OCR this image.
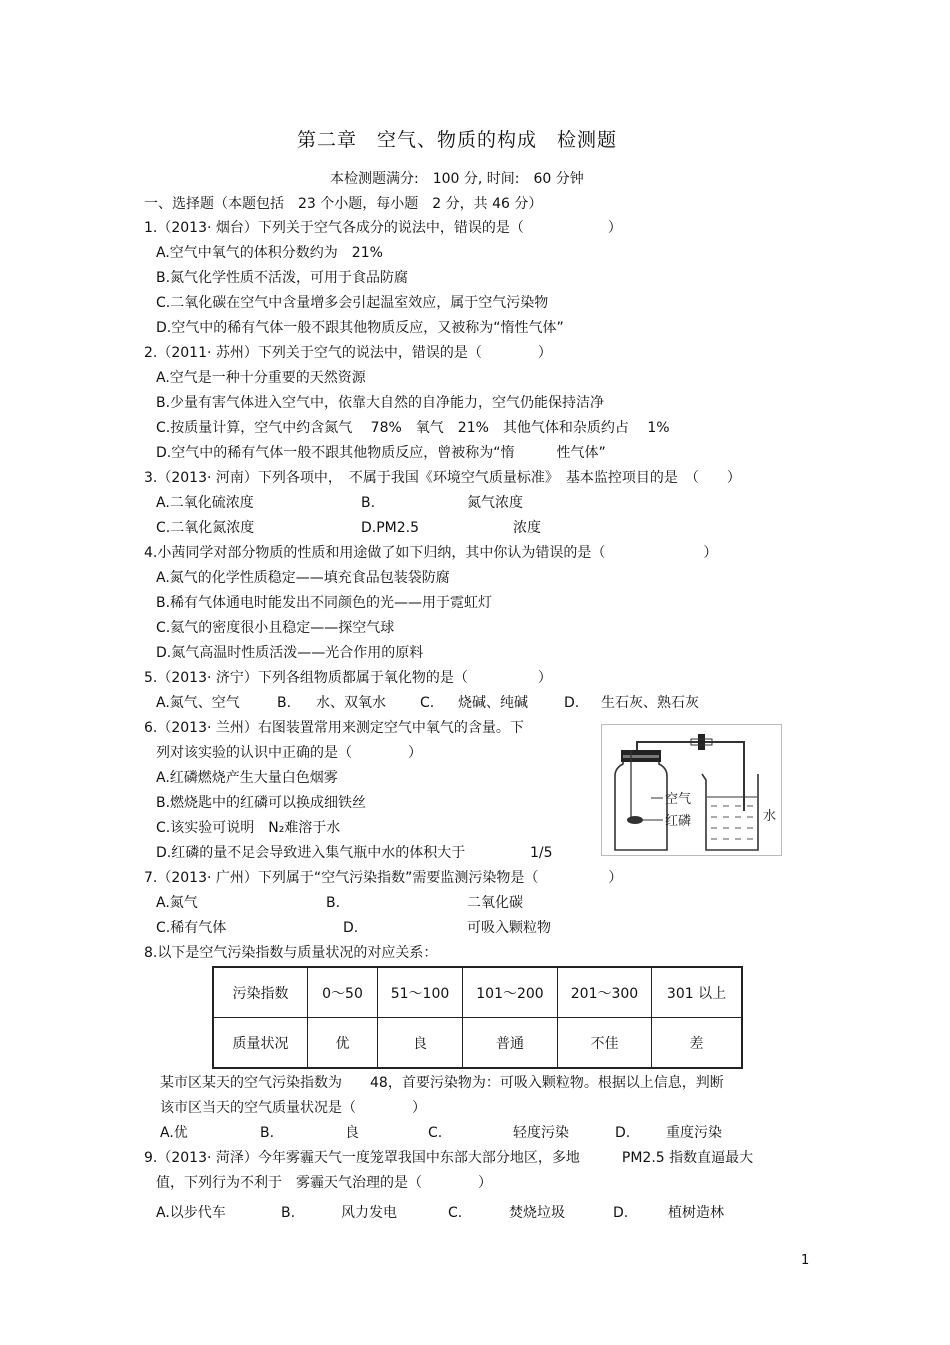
第二章　空气、物质的构成　检测题
本检测题满分:　100 分, 时间:　60 分钟
一、选择题（本题包括　23 个小题，每小题　2 分，共 46 分）
1.（2013· 烟台）下列关于空气各成分的说法中，错误的是（　　　　　　）
A.空气中氧气的体积分数约为　21%
B.氮气化学性质不活泼，可用于食品防腐
C.二氧化碳在空气中含量增多会引起温室效应，属于空气污染物
D.空气中的稀有气体一般不跟其他物质反应，又被称为“惰性气体”
2.（2011· 苏州）下列关于空气的说法中，错误的是（　　　　）
A.空气是一种十分重要的天然资源
B.少量有害气体进入空气中，依靠大自然的自净能力，空气仍能保持洁净
C.按质量计算，空气中约含氮气　 78%　氧气　21%　其他气体和杂质约占　 1%
D.空气中的稀有气体一般不跟其他物质反应，曾被称为“惰　　　性气体”
3.（2013· 河南）下列各项中，　不属于我国《环境空气质量标准》　基本监控项目的是　（　　）
A.二氧化硫浓度	B.	氮气浓度
C.二氧化氮浓度	D.PM2.5	浓度
4.小茜同学对部分物质的性质和用途做了如下归纳，其中你认为错误的是（　　　　　　　）
A.氮气的化学性质稳定——填充食品包装袋防腐
B.稀有气体通电时能发出不同颜色的光——用于霓虹灯
C.氦气的密度很小且稳定——探空气球
D.氮气高温时性质活泼——光合作用的原料
5.（2013· 济宁）下列各组物质都属于氧化物的是（　　　　　）
A.氮气、空气	B. 水、双氧水 C. 烧碱、纯碱	D. 生石灰、熟石灰
6.（2013· 兰州）右图装置常用来测定空气中氧气的含量。下
列对该实验的认识中正确的是（　　　　）
A.红磷燃烧产生大量白色烟雾
B.燃烧匙中的红磷可以换成细铁丝
C.该实验可说明　N₂难溶于水
D.红磷的量不足会导致进入集气瓶中水的体积大于	1/5
空气
红磷	水
7.（2013· 广州）下列属于“空气污染指数”需要监测污染物是（　　　　　）
A.氮气	B.	二氧化碳
C.稀有气体	D.	可吸入颗粒物
8.以下是空气污染指数与质量状况的对应关系：
污染指数	0～50	51～100	101～200	201～300	301 以上
质量状况	优	良	普通	不佳	差
某市区某天的空气污染指数为　　48，首要污染物为：可吸入颗粒物。根据以上信息，判断
该市区当天的空气质量状况是（　　　　）
A.优	B.	良	C.	轻度污染	D.	重度污染
9.（2013· 菏泽）今年雾霾天气一度笼罩我国中东部大部分地区，多地　　　PM2.5 指数直逼最大
值，下列行为不利于　雾霾天气治理的是（　　　　）
A.以步代车	B.	风力发电	C.	焚烧垃圾	D.	植树造林
1
